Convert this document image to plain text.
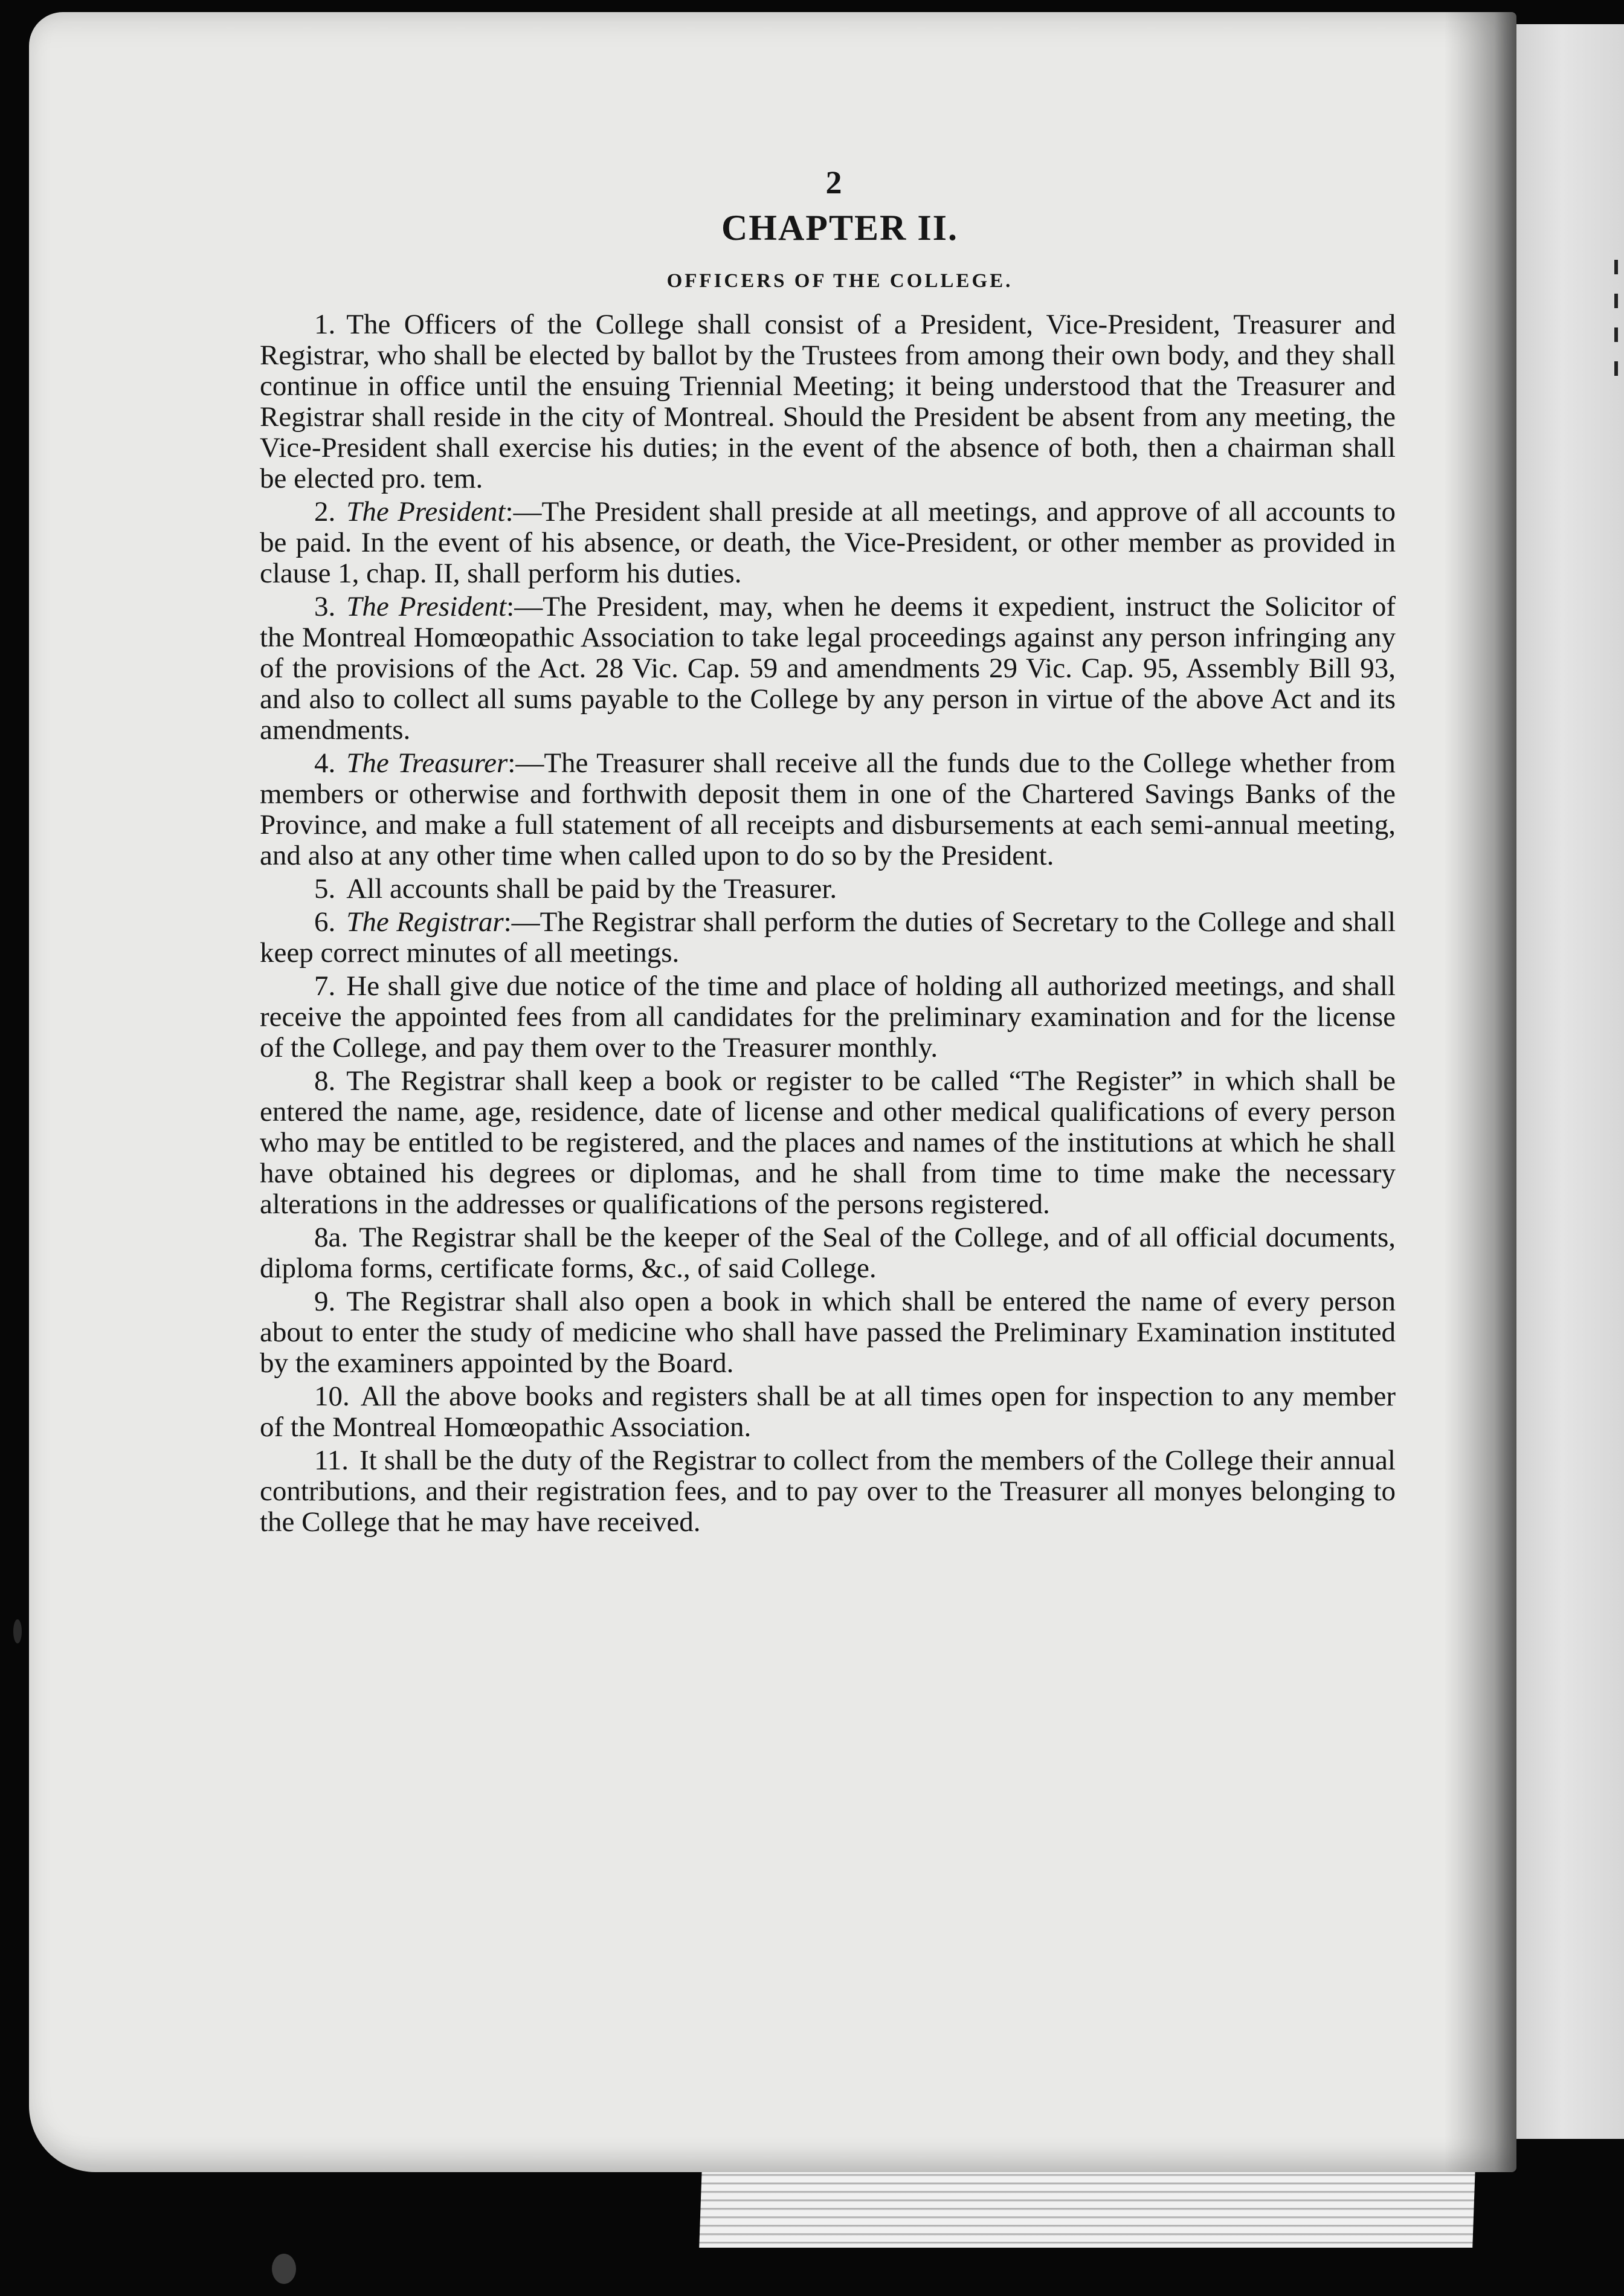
2
CHAPTER II.
OFFICERS OF THE COLLEGE.

1. The Officers of the College shall consist of a President, Vice-President, Treasurer and Registrar, who shall be elected by ballot by the Trustees from among their own body, and they shall continue in office until the ensuing Triennial Meeting; it being understood that the Treasurer and Registrar shall reside in the city of Montreal. Should the President be absent from any meeting, the Vice-President shall exercise his duties; in the event of the absence of both, then a chairman shall be elected pro. tem.

2. The President:—The President shall preside at all meetings, and approve of all accounts to be paid. In the event of his absence, or death, the Vice-President, or other member as provided in clause 1, chap. II, shall perform his duties.

3. The President:—The President, may, when he deems it expedient, instruct the Solicitor of the Montreal Homœopathic Association to take legal proceedings against any person infringing any of the provisions of the Act. 28 Vic. Cap. 59 and amendments 29 Vic. Cap. 95, Assembly Bill 93, and also to collect all sums payable to the College by any person in virtue of the above Act and its amendments.

4. The Treasurer:—The Treasurer shall receive all the funds due to the College whether from members or otherwise and forthwith deposit them in one of the Chartered Savings Banks of the Province, and make a full statement of all receipts and disbursements at each semi-annual meeting, and also at any other time when called upon to do so by the President.

5. All accounts shall be paid by the Treasurer.

6. The Registrar:—The Registrar shall perform the duties of Secretary to the College and shall keep correct minutes of all meetings.

7. He shall give due notice of the time and place of holding all authorized meetings, and shall receive the appointed fees from all candidates for the preliminary examination and for the license of the College, and pay them over to the Treasurer monthly.

8. The Registrar shall keep a book or register to be called “The Register” in which shall be entered the name, age, residence, date of license and other medical qualifications of every person who may be entitled to be registered, and the places and names of the institutions at which he shall have obtained his degrees or diplomas, and he shall from time to time make the necessary alterations in the addresses or qualifications of the persons registered.

8a. The Registrar shall be the keeper of the Seal of the College, and of all official documents, diploma forms, certificate forms, &c., of said College.

9. The Registrar shall also open a book in which shall be entered the name of every person about to enter the study of medicine who shall have passed the Preliminary Examination instituted by the examiners appointed by the Board.

10. All the above books and registers shall be at all times open for inspection to any member of the Montreal Homœopathic Association.

11. It shall be the duty of the Registrar to collect from the members of the College their annual contributions, and their registration fees, and to pay over to the Treasurer all monyes belonging to the College that he may have received.
